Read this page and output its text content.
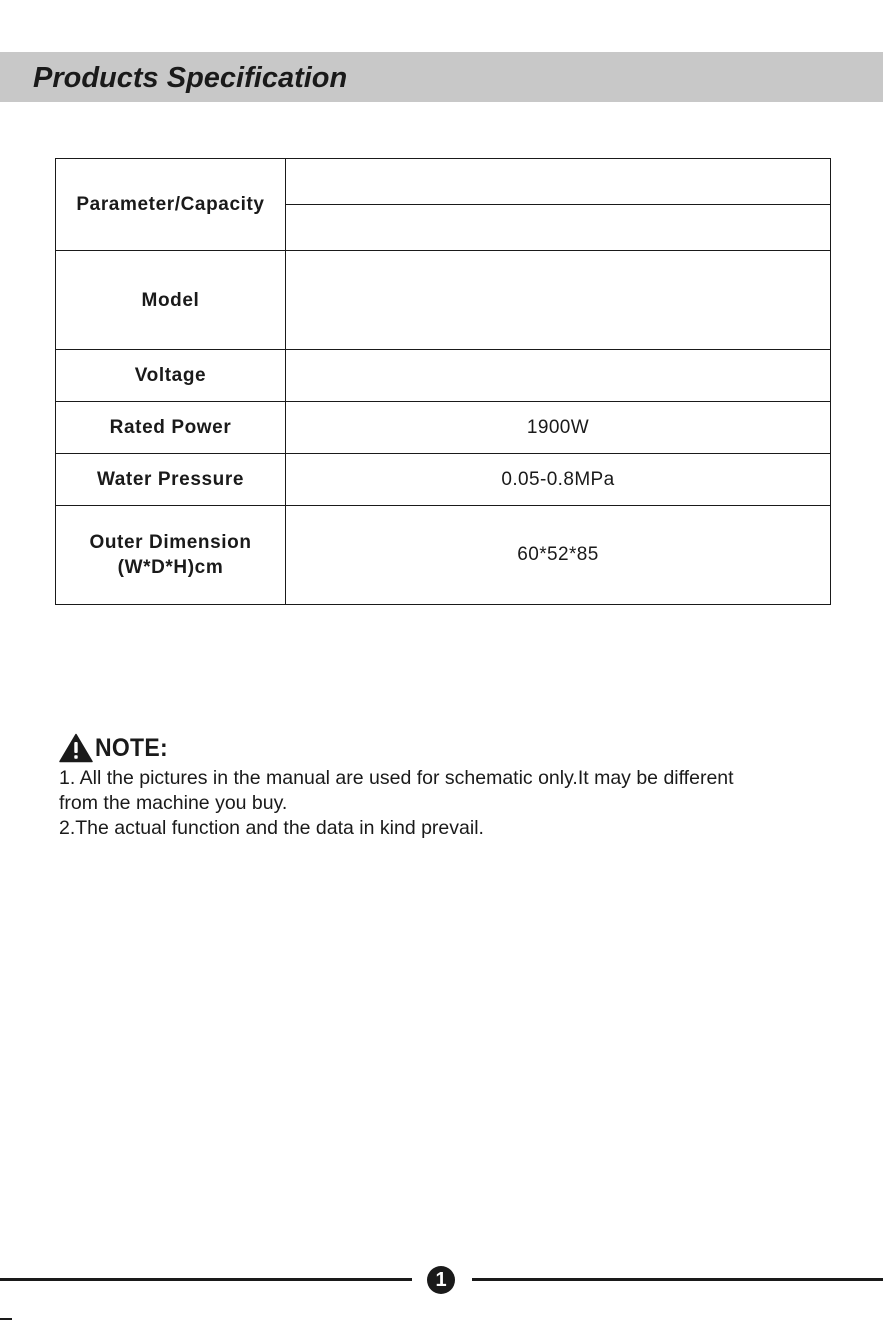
Products Specification
Parameter/Capacity	

Model	
Voltage	
Rated Power	1900W
Water Pressure	0.05-0.8MPa
Outer Dimension
(W*D*H)cm	60*52*85
NOTE:
1. All the pictures in the manual are used for schematic only.It may be different
from the machine you buy.
2.The actual function and the data in kind prevail.
1
